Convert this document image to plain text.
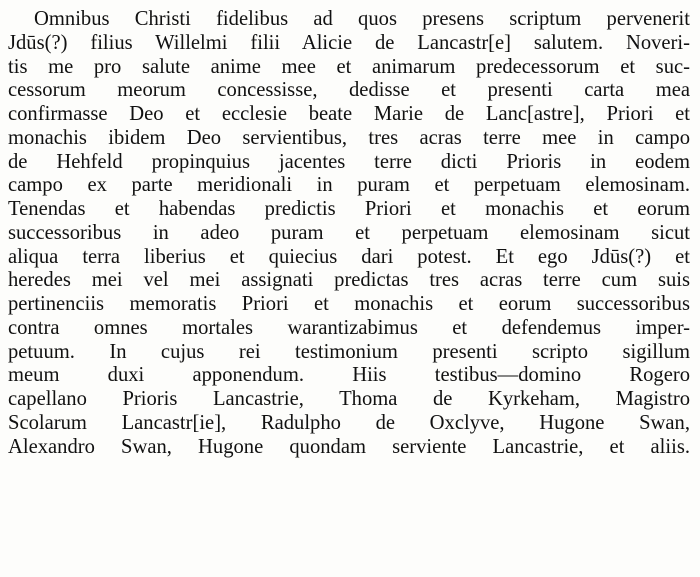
Omnibus Christi fidelibus ad quos presens scriptum pervenerit
Jdūs(?) filius Willelmi filii Alicie de Lancastr[e] salutem. Noveri-
tis me pro salute anime mee et animarum predecessorum et suc-
cessorum meorum concessisse, dedisse et presenti carta mea
confirmasse Deo et ecclesie beate Marie de Lanc[astre], Priori et
monachis ibidem Deo servientibus, tres acras terre mee in campo
de Hehfeld propinquius jacentes terre dicti Prioris in eodem
campo ex parte meridionali in puram et perpetuam elemosinam.
Tenendas et habendas predictis Priori et monachis et eorum
successoribus in adeo puram et perpetuam elemosinam sicut
aliqua terra liberius et quiecius dari potest. Et ego Jdūs(?) et
heredes mei vel mei assignati predictas tres acras terre cum suis
pertinenciis memoratis Priori et monachis et eorum successoribus
contra omnes mortales warantizabimus et defendemus imper-
petuum. In cujus rei testimonium presenti scripto sigillum
meum duxi apponendum. Hiis testibus—domino Rogero
capellano Prioris Lancastrie, Thoma de Kyrkeham, Magistro
Scolarum Lancastr[ie], Radulpho de Oxclyve, Hugone Swan,
Alexandro Swan, Hugone quondam serviente Lancastrie, et aliis.
